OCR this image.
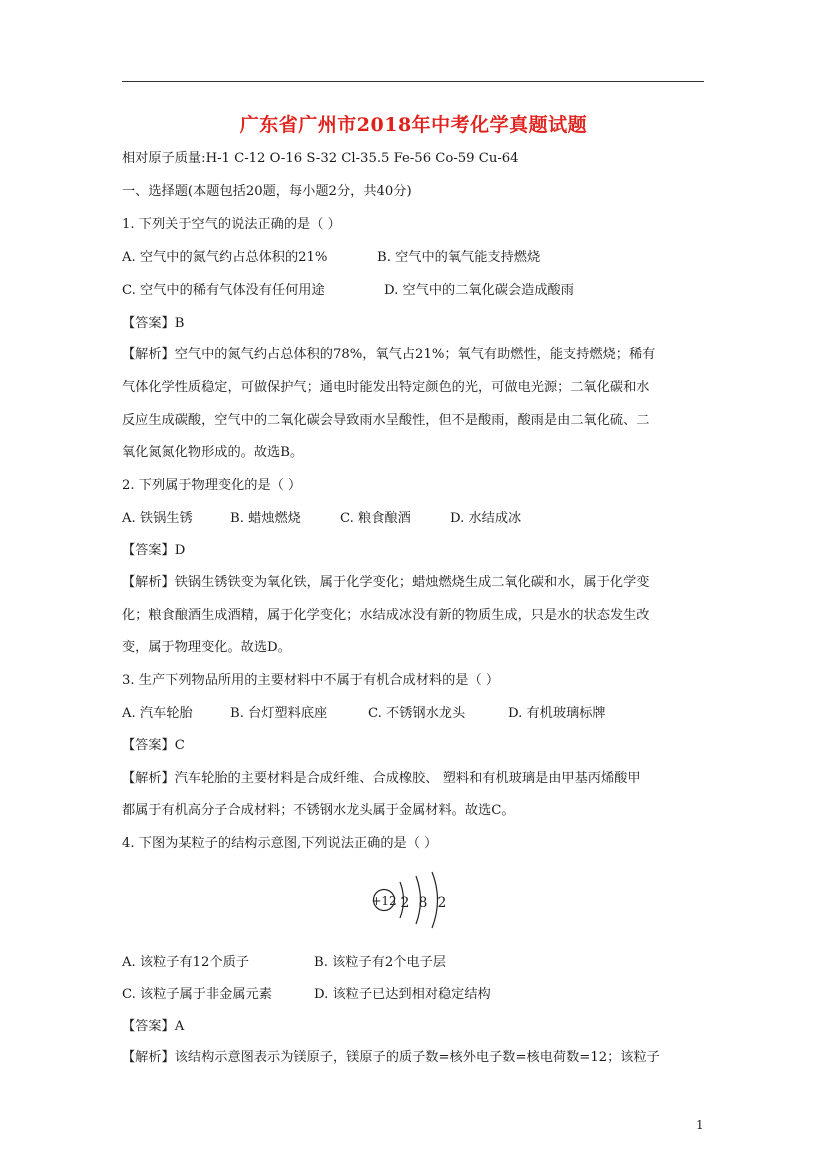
广东省广州市2018年中考化学真题试题
相对原子质量:H-1 C-12 O-16 S-32 Cl-35.5 Fe-56 Co-59 Cu-64
一、选择题(本题包括20题，每小题2分，共40分)
1. 下列关于空气的说法正确的是（ ）
A. 空气中的氮气约占总体积的21%	B. 空气中的氧气能支持燃烧
C. 空气中的稀有气体没有任何用途	D. 空气中的二氧化碳会造成酸雨
【答案】B
【解析】空气中的氮气约占总体积的78%，氧气占21%；氧气有助燃性，能支持燃烧；稀有
气体化学性质稳定，可做保护气；通电时能发出特定颜色的光，可做电光源；二氧化碳和水
反应生成碳酸，空气中的二氧化碳会导致雨水呈酸性，但不是酸雨，酸雨是由二氧化硫、二
氧化氮氮化物形成的。故选B。
2. 下列属于物理变化的是（ ）
A. 铁锅生锈	B. 蜡烛燃烧	C. 粮食酿酒	D. 水结成冰
【答案】D
【解析】铁锅生锈铁变为氧化铁，属于化学变化；蜡烛燃烧生成二氧化碳和水，属于化学变
化；粮食酿酒生成酒精，属于化学变化；水结成冰没有新的物质生成，只是水的状态发生改
变，属于物理变化。故选D。
3. 生产下列物品所用的主要材料中不属于有机合成材料的是（ ）
A. 汽车轮胎	B. 台灯塑料底座	C. 不锈钢水龙头	D. 有机玻璃标牌
【答案】C
【解析】汽车轮胎的主要材料是合成纤维、合成橡胶、 塑料和有机玻璃是由甲基丙烯酸甲
都属于有机高分子合成材料；不锈钢水龙头属于金属材料。故选C。
4. 下图为某粒子的结构示意图,下列说法正确的是（ ）
+12 2 8 2
A. 该粒子有12个质子	B. 该粒子有2个电子层
C. 该粒子属于非金属元素	D. 该粒子已达到相对稳定结构
【答案】A
【解析】该结构示意图表示为镁原子，镁原子的质子数=核外电子数=核电荷数=12；该粒子
1
